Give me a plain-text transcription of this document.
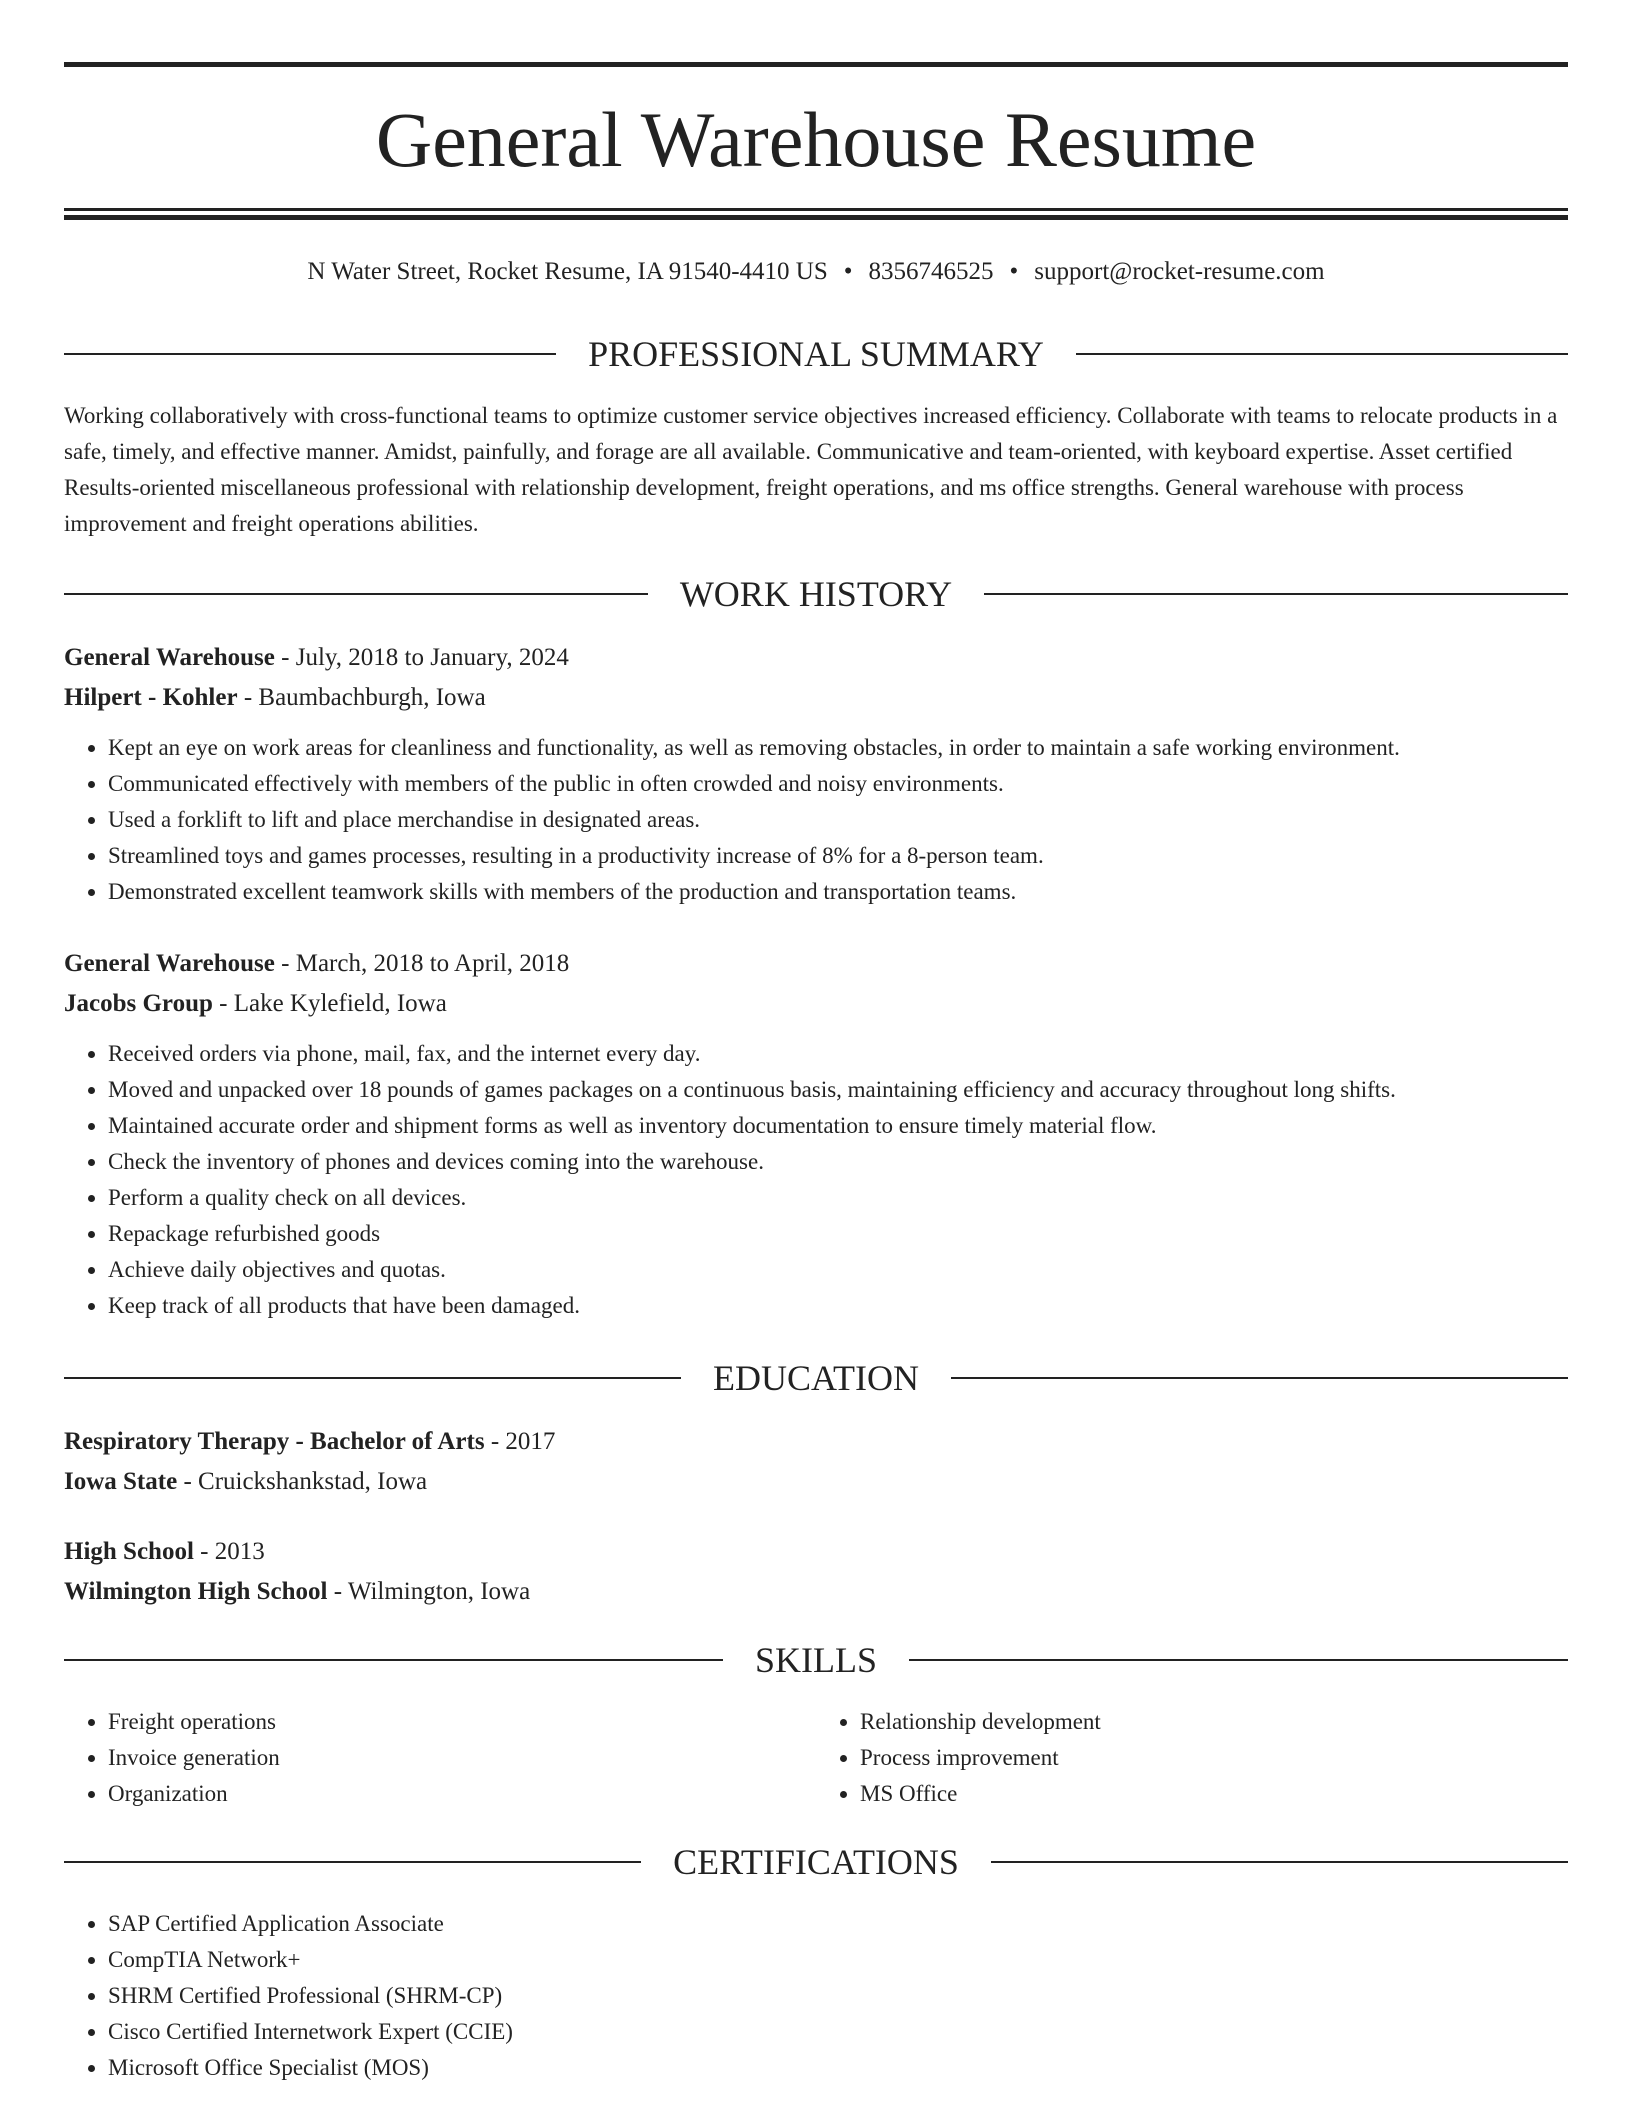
General Warehouse Resume
N Water Street, Rocket Resume, IA 91540-4410 US • 8356746525 • support@rocket-resume.com
PROFESSIONAL SUMMARY
Working collaboratively with cross-functional teams to optimize customer service objectives increased efficiency. Collaborate with teams to relocate products in a safe, timely, and effective manner. Amidst, painfully, and forage are all available. Communicative and team-oriented, with keyboard expertise. Asset certified Results-oriented miscellaneous professional with relationship development, freight operations, and ms office strengths. General warehouse with process improvement and freight operations abilities.
WORK HISTORY
General Warehouse - July, 2018 to January, 2024
Hilpert - Kohler - Baumbachburgh, Iowa
• Kept an eye on work areas for cleanliness and functionality, as well as removing obstacles, in order to maintain a safe working environment.
• Communicated effectively with members of the public in often crowded and noisy environments.
• Used a forklift to lift and place merchandise in designated areas.
• Streamlined toys and games processes, resulting in a productivity increase of 8% for a 8-person team.
• Demonstrated excellent teamwork skills with members of the production and transportation teams.
General Warehouse - March, 2018 to April, 2018
Jacobs Group - Lake Kylefield, Iowa
• Received orders via phone, mail, fax, and the internet every day.
• Moved and unpacked over 18 pounds of games packages on a continuous basis, maintaining efficiency and accuracy throughout long shifts.
• Maintained accurate order and shipment forms as well as inventory documentation to ensure timely material flow.
• Check the inventory of phones and devices coming into the warehouse.
• Perform a quality check on all devices.
• Repackage refurbished goods
• Achieve daily objectives and quotas.
• Keep track of all products that have been damaged.
EDUCATION
Respiratory Therapy - Bachelor of Arts - 2017
Iowa State - Cruickshankstad, Iowa
High School - 2013
Wilmington High School - Wilmington, Iowa
SKILLS
• Freight operations
• Invoice generation
• Organization
• Relationship development
• Process improvement
• MS Office
CERTIFICATIONS
• SAP Certified Application Associate
• CompTIA Network+
• SHRM Certified Professional (SHRM-CP)
• Cisco Certified Internetwork Expert (CCIE)
• Microsoft Office Specialist (MOS)
